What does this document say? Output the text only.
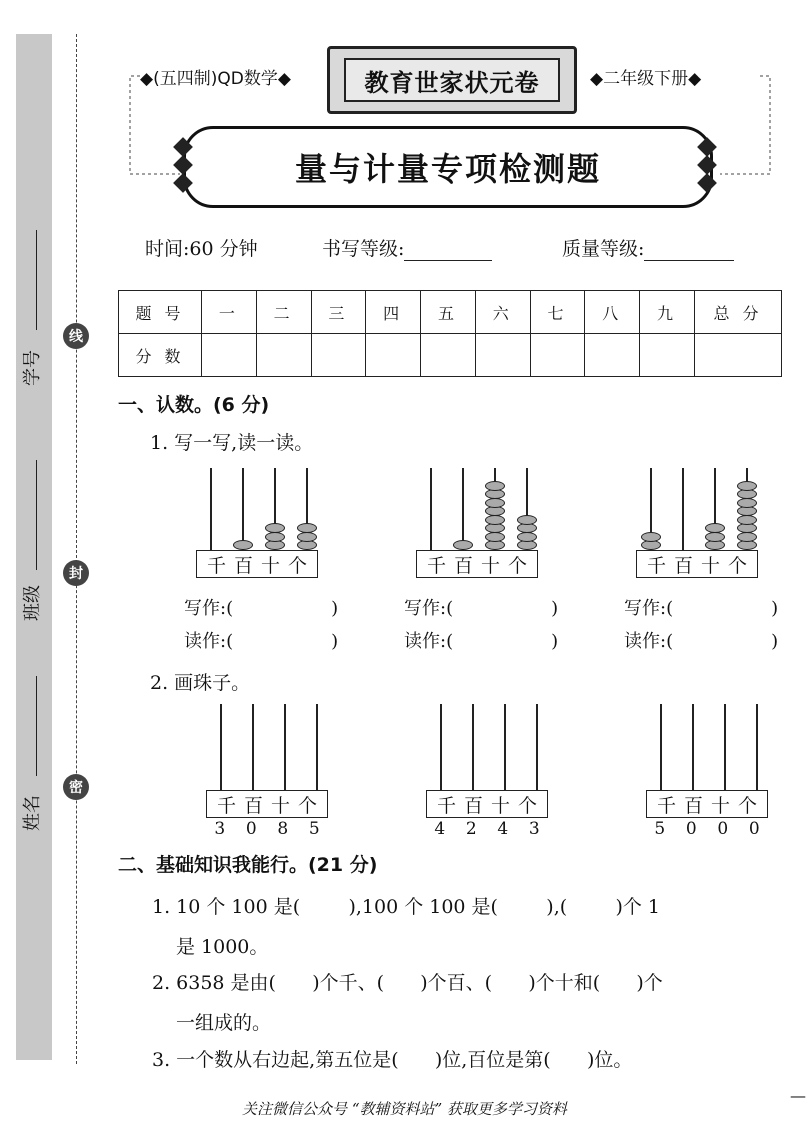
学号
班级
姓名
线
封
密
◆(五四制)QD数学◆	教育世家状元卷	◆二年级下册◆
量与计量专项检测题
时间:60 分钟	书写等级:	质量等级:
题 号	一	二	三	四	五	六	七	八	九	总 分
分 数										
一、认数。(6 分)
1. 写一写,读一读。
2. 画珠子。
二、基础知识我能行。(21 分)
1. 10 个 100 是(        ),100 个 100 是(        ),(        )个 1
是 1000。
2. 6358 是由(      )个千、(      )个百、(      )个十和(      )个
一组成的。
3. 一个数从右边起,第五位是(      )位,百位是第(      )位。
—
关注微信公众号 “教辅资料站” 获取更多学习资料
千 百 十 个
写作:(	)
读作:(	)
千 百 十 个
写作:(	)
读作:(	)
千 百 十 个
写作:(	)
读作:(	)
千 百 十 个
3 0 8 5
千 百 十 个
4 2 4 3
千 百 十 个
5 0 0 0
